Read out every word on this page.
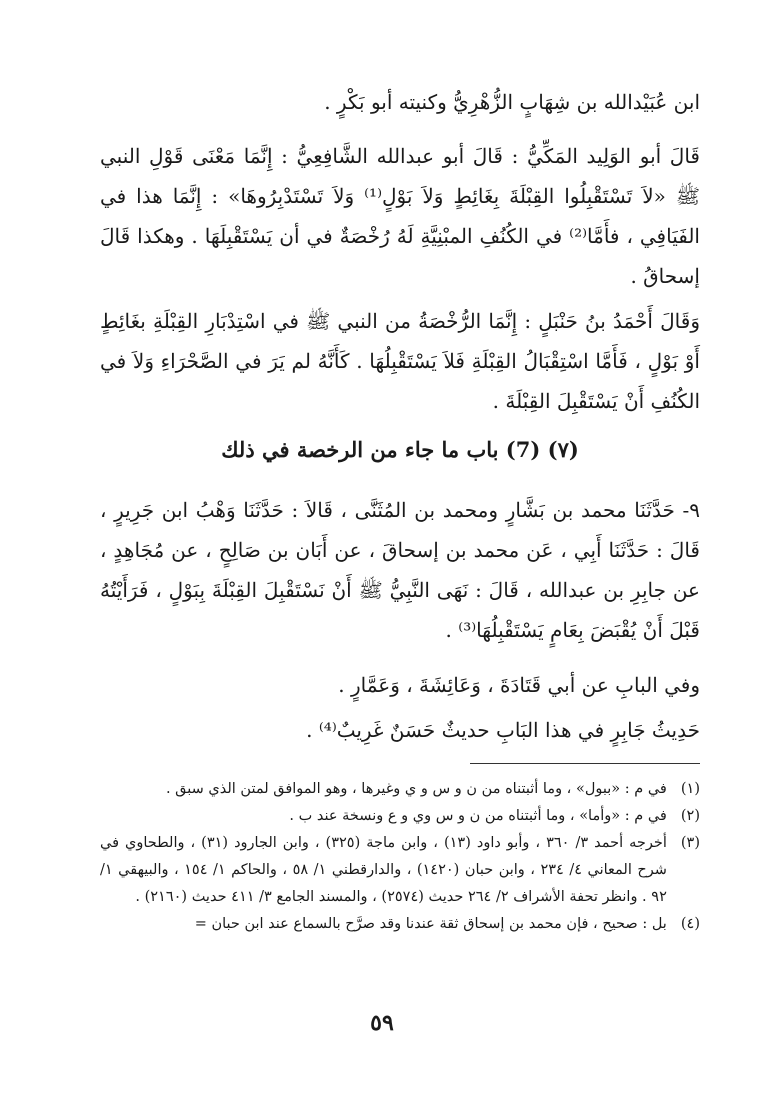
ابن عُبَيْدالله بن شِهَابٍ الزُّهْرِيُّ وكنيته أبو بَكْرٍ .

قَالَ أبو الوَلِيد المَكِّيُّ : قَالَ أبو عبدالله الشَّافِعِيُّ : إِنَّمَا مَعْنَى قَوْلِ النبي ﷺ «لاَ تَسْتَقْبِلُوا القِبْلَةَ بِغَائِطٍ وَلاَ بَوْلٍ⁽¹⁾ وَلاَ تَسْتَدْبِرُوهَا» : إِنَّمَا هذا في الفَيَافِي ، فأَمَّا⁽²⁾ في الكُنُفِ المبْنِيَّةِ لَهُ رُخْصَةٌ في أن يَسْتَقْبِلَهَا . وهكذا قَالَ إسحاقُ .

وَقَالَ أَحْمَدُ بنُ حَنْبَلٍ : إِنَّمَا الرُّخْصَةُ من النبي ﷺ في اسْتِدْبَارِ القِبْلَةِ بغَائِطٍ أَوْ بَوْلٍ ، فَأَمَّا اسْتِقْبَالُ القِبْلَةِ فَلاَ يَسْتَقْبِلُهَا . كَأَنَّهُ لم يَرَ في الصَّحْرَاءِ وَلاَ في الكُنُفِ أَنْ يَسْتَقْبِلَ القِبْلَةَ .

(٧) (7) باب ما جاء من الرخصة في ذلك

٩- حَدَّثَنَا محمد بن بَشَّارٍ ومحمد بن المُثَنَّى ، قَالاَ : حَدَّثَنَا وَهْبُ ابن جَرِيرٍ ، قَالَ : حَدَّثَنَا أَبِي ، عَن محمد بن إسحاقَ ، عن أَبَان بن صَالِحٍ ، عن مُجَاهِدٍ ، عن جابِرِ بن عبدالله ، قَالَ : نَهَى النَّبِيُّ ﷺ أَنْ نَسْتَقْبِلَ القِبْلَةَ بِبَوْلٍ ، فَرَأَيْتُهُ قَبْلَ أَنْ يُقْبَضَ بِعَامٍ يَسْتَقْبِلُهَا⁽³⁾ .

وفي البابِ عن أبي قَتَادَةَ ، وَعَائِشَةَ ، وَعَمَّارٍ .

حَدِيثُ جَابِرٍ في هذا البَابِ حديثٌ حَسَنٌ غَرِيبٌ⁽⁴⁾ .

(١)
في م : «ببول» ، وما أثبتناه من ن و س و ي وغيرها ، وهو الموافق لمتن الذي سبق .
(٢)
في م : «وأما» ، وما أثبتناه من ن و س وي و ع ونسخة عند ب .
(٣)
أخرجه أحمد ٣/ ٣٦٠ ، وأبو داود (١٣) ، وابن ماجة (٣٢٥) ، وابن الجارود (٣١) ، والطحاوي في شرح المعاني ٤/ ٢٣٤ ، وابن حبان (١٤٢٠) ، والدارقطني ١/ ٥٨ ، والحاكم ١/ ١٥٤ ، والبيهقي ١/ ٩٢ . وانظر تحفة الأشراف ٢/ ٢٦٤ حديث (٢٥٧٤) ، والمسند الجامع ٣/ ٤١١ حديث (٢١٦٠) .
(٤)
بل : صحيح ، فإن محمد بن إسحاق ثقة عندنا وقد صرَّح بالسماع عند ابن حبان =
٥٩
